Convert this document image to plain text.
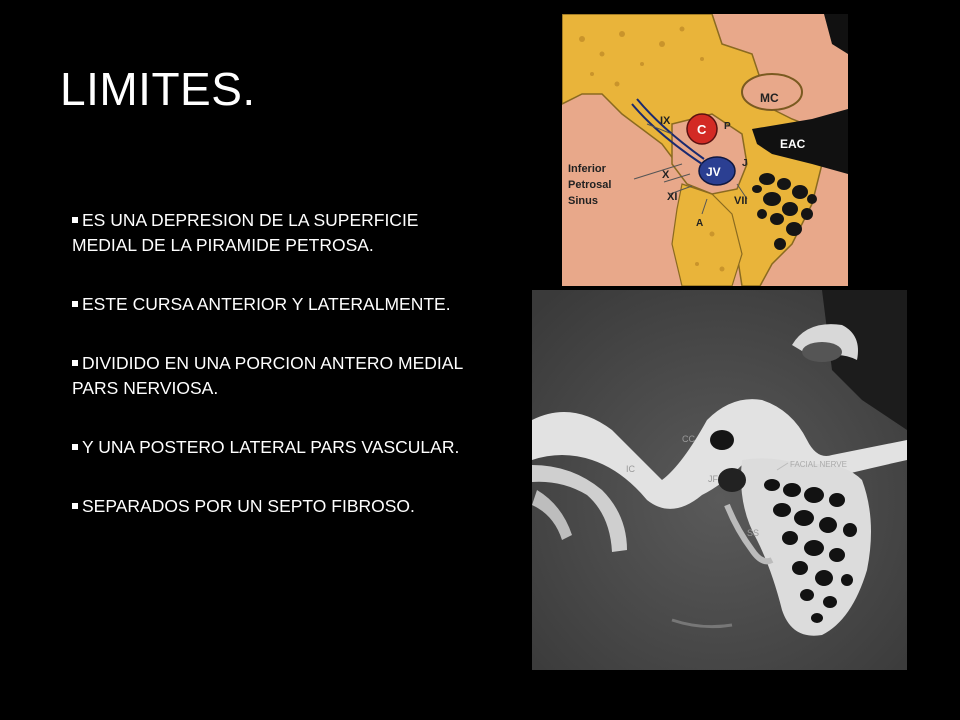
LIMITES.
ES UNA DEPRESION DE LA SUPERFICIE MEDIAL DE LA PIRAMIDE PETROSA.
ESTE CURSA ANTERIOR Y LATERALMENTE.
DIVIDIDO EN UNA PORCION ANTERO MEDIAL PARS NERVIOSA.
Y UNA POSTERO LATERAL PARS VASCULAR.
SEPARADOS POR UN SEPTO FIBROSO.
C
JV
MC
EAC
IX	P
J
X
XI	VII
A
Inferior
Petrosal
Sinus
CC
IC
JF
SS
FACIAL NERVE
